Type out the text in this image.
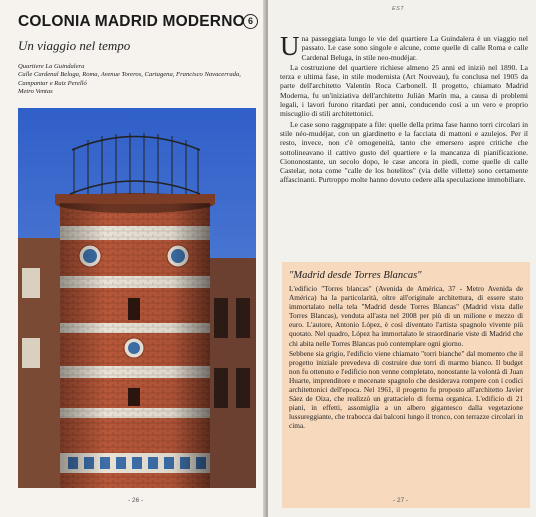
COLONIA MADRID MODERNO 6
Un viaggio nel tempo
Quartiere La Guindalera
Calle Cardenal Beluga, Roma, Avenue Toreros, Cartagena, Francisco Navacerrada,
Campantar e Ruiz Perelló
Metro Ventas
- 26 -
EST

Una passeggiata lungo le vie del quartiere La Guindalera è un viaggio nel passato. Le case sono singole e alcune, come quelle di calle Roma e calle Cardenal Beluga, in stile neo-mudéjar.

La costruzione del quartiere richiese almeno 25 anni ed iniziò nel 1890. La terza e ultima fase, in stile modernista (Art Nouveau), fu conclusa nel 1905 da parte dell'architetto Valentín Roca Carbonell. Il progetto, chiamato Madrid Moderna, fu un'iniziativa dell'architetto Julián Marín ma, a causa di problemi legali, i lavori furono ritardati per anni, conducendo così a un vero e proprio miscuglio di stili architettonici.

Le case sono raggruppate a file: quelle della prima fase hanno torri circolari in stile néo-mudéjar, con un giardinetto e la facciata di mattoni e azulejos. Per il resto, invece, non c'è omogeneità, tanto che emersero aspre critiche che sottolineavano il cattivo gusto del quartiere e la mancanza di pianificazione. Ciononostante, un secolo dopo, le case ancora in piedi, come quelle di calle Castelar, nota come "calle de los hotelitos" (via delle villette) sono certamente affascinanti. Purtroppo molte hanno dovuto cedere alla speculazione immobiliare.

"Madrid desde Torres Blancas"

L'edificio "Torres blancas" (Avenida de América, 37 - Metro Avenida de América) ha la particolarità, oltre all'originale architettura, di essere stato immortalato nella tela "Madrid desde Torres Blancas" (Madrid vista dalle Torres Blancas), venduta all'asta nel 2008 per più di un milione e mezzo di euro. L'autore, Antonio López, è così diventato l'artista spagnolo vivente più quotato. Nel quadro, López ha immortalato le straordinarie viste di Madrid che chi abita nelle Torres Blancas può contemplare ogni giorno.

Sebbene sia grigio, l'edificio viene chiamato "torri bianche" dal momento che il progetto iniziale prevedeva di costruire due torri di marmo bianco. Il budget non fu ottenuto e l'edificio non venne completato, nonostante la volontà di Juan Huarte, imprenditore e mecenate spagnolo che desiderava rompere con i codici architettonici dell'epoca. Nel 1961, il progetto fu proposto all'architetto Javier Sáez de Oiza, che realizzò un grattacielo di forma organica. L'edificio di 21 piani, in effetti, assomiglia a un albero gigantesco dalla vegetazione lussureggiante, che trabocca dai balconi lungo il tronco, con terrazze circolari in cima.

- 27 -
